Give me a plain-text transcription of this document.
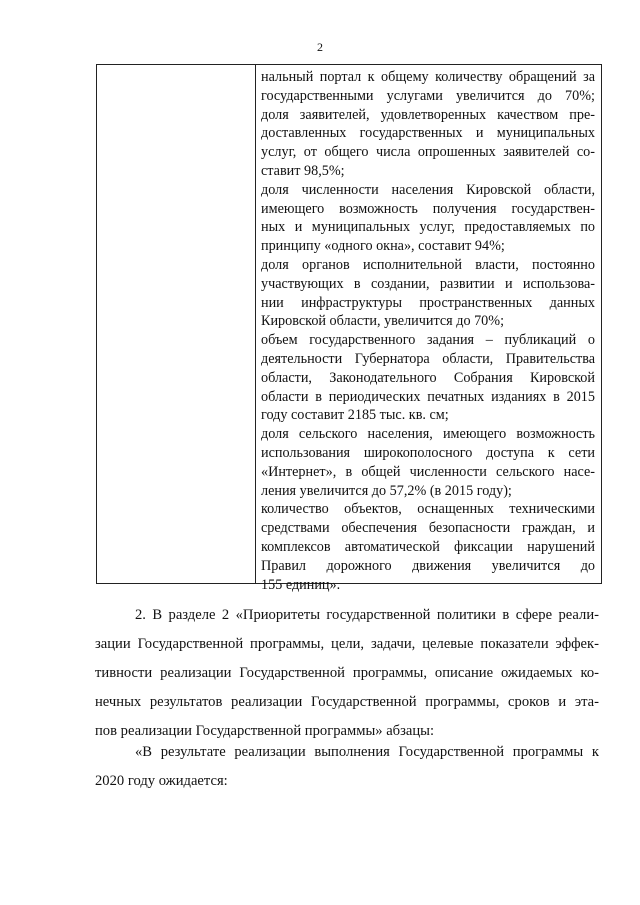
2
нальный портал к общему количеству обращений за
государственными услугами увеличится до 70%;
доля заявителей, удовлетворенных качеством пре-
доставленных государственных и муниципальных
услуг, от общего числа опрошенных заявителей со-
ставит 98,5%;
доля численности населения Кировской области,
имеющего возможность получения государствен-
ных и муниципальных услуг, предоставляемых по
принципу «одного окна», составит 94%;
доля органов исполнительной власти, постоянно
участвующих в создании, развитии и использова-
нии инфраструктуры пространственных данных
Кировской области, увеличится до 70%;
объем государственного задания – публикаций о
деятельности Губернатора области, Правительства
области, Законодательного Собрания Кировской
области в периодических печатных изданиях в 2015
году составит 2185 тыс. кв. см;
доля сельского населения, имеющего возможность
использования широкополосного доступа к сети
«Интернет», в общей численности сельского насе-
ления увеличится до 57,2% (в 2015 году);
количество объектов, оснащенных техническими
средствами обеспечения безопасности граждан, и
комплексов автоматической фиксации нарушений
Правил дорожного движения увеличится до
155 единиц».
2. В разделе 2 «Приоритеты государственной политики в сфере реали-
зации Государственной программы, цели, задачи, целевые показатели эффек-
тивности реализации Государственной программы, описание ожидаемых ко-
нечных результатов реализации Государственной программы, сроков и эта-
пов реализации Государственной программы» абзацы:
«В результате реализации выполнения Государственной программы к
2020 году ожидается:
